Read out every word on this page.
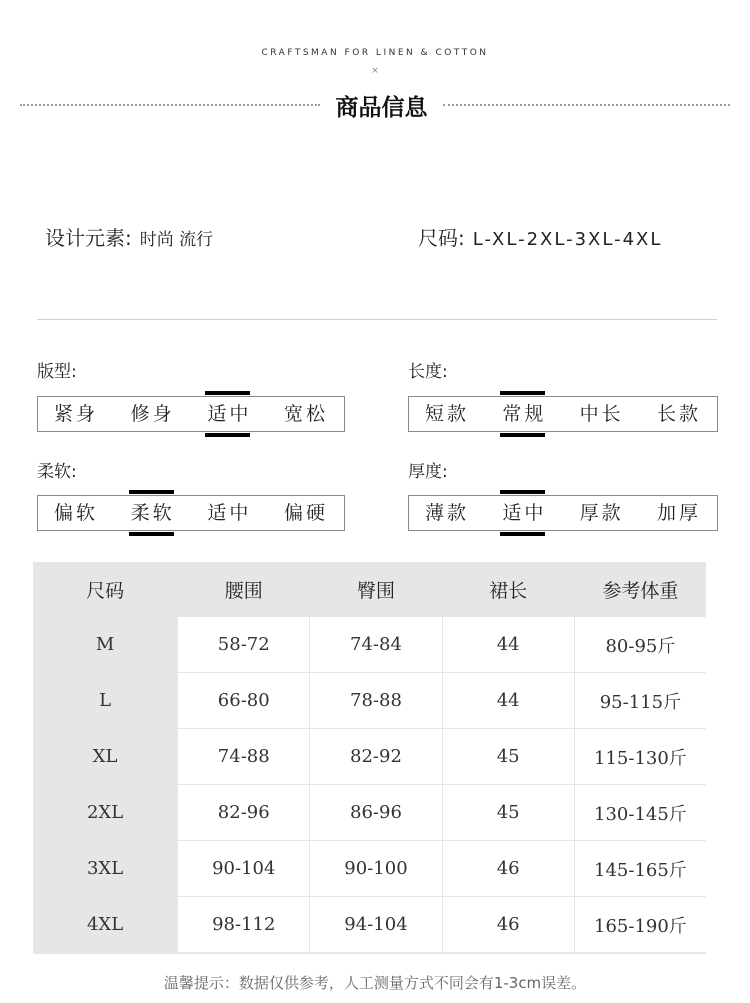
CRAFTSMAN FOR LINEN & COTTON
×
商品信息
设计元素: 时尚 流行	尺码: L-XL-2XL-3XL-4XL
版型:
紧身 修身 适中 宽松
长度:
短款 常规 中长 长款
柔软:
偏软 柔软 适中 偏硬
厚度:
薄款 适中 厚款 加厚
尺码	腰围	臀围	裙长	参考体重
M	58-72	74-84	44	80-95斤
L	66-80	78-88	44	95-115斤
XL	74-88	82-92	45	115-130斤
2XL	82-96	86-96	45	130-145斤
3XL	90-104	90-100	46	145-165斤
4XL	98-112	94-104	46	165-190斤
温馨提示：数据仅供参考，人工测量方式不同会有1-3cm误差。
